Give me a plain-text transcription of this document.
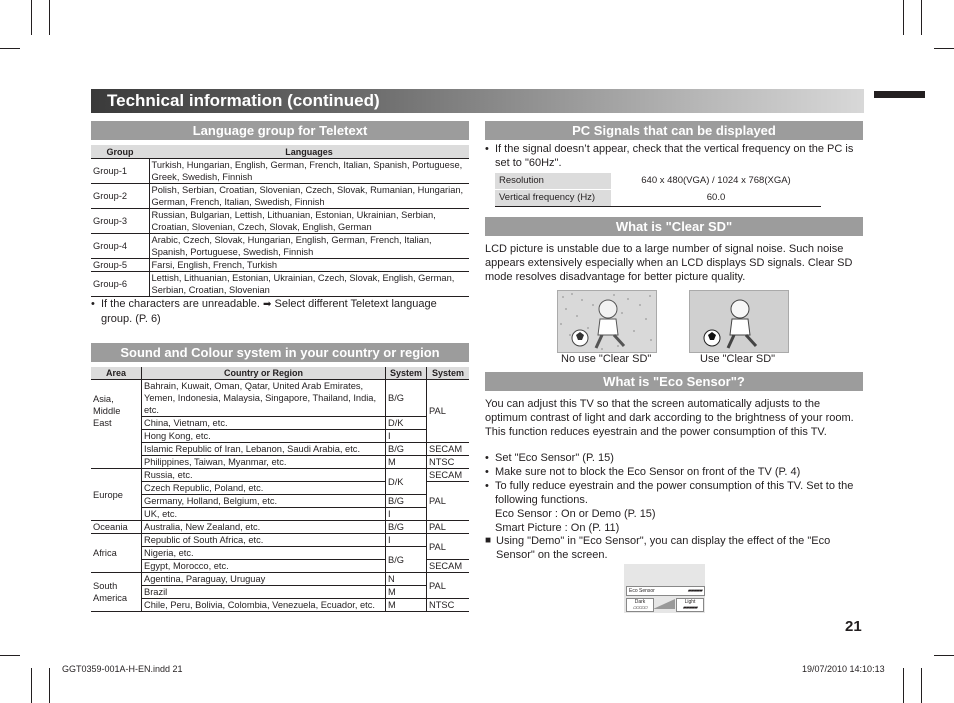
Technical information (continued)
Language group for Teletext
Group	Languages
Group-1	Turkish, Hungarian, English, German, French, Italian, Spanish, Portuguese, Greek, Swedish, Finnish
Group-2	Polish, Serbian, Croatian, Slovenian, Czech, Slovak, Rumanian, Hungarian, German, French, Italian, Swedish, Finnish
Group-3	Russian, Bulgarian, Lettish, Lithuanian, Estonian, Ukrainian, Serbian, Croatian, Slovenian, Czech, Slovak, English, German
Group-4	Arabic, Czech, Slovak, Hungarian, English, German, French, Italian, Spanish, Portuguese, Swedish, Finnish
Group-5	Farsi, English, French, Turkish
Group-6	Lettish, Lithuanian, Estonian, Ukrainian, Czech, Slovak, English, German, Serbian, Croatian, Slovenian
• If the characters are unreadable. ➡ Select different Teletext language group. (P. 6)
Sound and Colour system in your country or region
Area	Country or Region	System	System
Asia, Middle East	Bahrain, Kuwait, Oman, Qatar, United Arab Emirates, Yemen, Indonesia, Malaysia, Singapore, Thailand, India, etc.	B/G	PAL
	China, Vietnam, etc.	D/K	
	Hong Kong, etc.	I	
	Islamic Republic of Iran, Lebanon, Saudi Arabia, etc.	B/G	SECAM
	Philippines, Taiwan, Myanmar, etc.	M	NTSC
Europe	Russia, etc.	D/K	SECAM
	Czech Republic, Poland, etc.		PAL
	Germany, Holland, Belgium, etc.	B/G	
	UK, etc.	I	
Oceania	Australia, New Zealand, etc.	B/G	PAL
Africa	Republic of South Africa, etc.	I	PAL
	Nigeria, etc.	B/G	
	Egypt, Morocco, etc.		SECAM
South America	Agentina, Paraguay, Uruguay	N	PAL
	Brazil	M	
	Chile, Peru, Bolivia, Colombia, Venezuela, Ecuador, etc.	M	NTSC
PC Signals that can be displayed
• If the signal doesn’t appear, check that the vertical frequency on the PC is set to "60Hz".
Resolution	640 x 480(VGA) / 1024 x 768(XGA)
Vertical frequency (Hz)	60.0
What is "Clear SD"
LCD picture is unstable due to a large number of signal noise. Such noise appears extensively especially when an LCD displays SD signals. Clear SD mode resolves disadvantage for better picture quality.
No use "Clear SD"	Use "Clear SD"
What is "Eco Sensor"?
You can adjust this TV so that the screen automatically adjusts to the optimum contrast of light and dark according to the brightness of your room. This function reduces eyestrain and the power consumption of this TV.
• Set "Eco Sensor" (P. 15)
• Make sure not to block the Eco Sensor on front of the TV (P. 4)
• To fully reduce eyestrain and the power consumption of this TV. Set to the following functions.
Eco Sensor : On or Demo (P. 15)
Smart Picture : On (P. 11)
■ Using "Demo" in "Eco Sensor", you can display the effect of the "Eco Sensor" on the screen.
Eco Sensor	▰▰▰▰▰
Dark
▱▱▱▱▱
Light
▰▰▰▰▰
21
GGT0359-001A-H-EN.indd 21	19/07/2010 14:10:13
